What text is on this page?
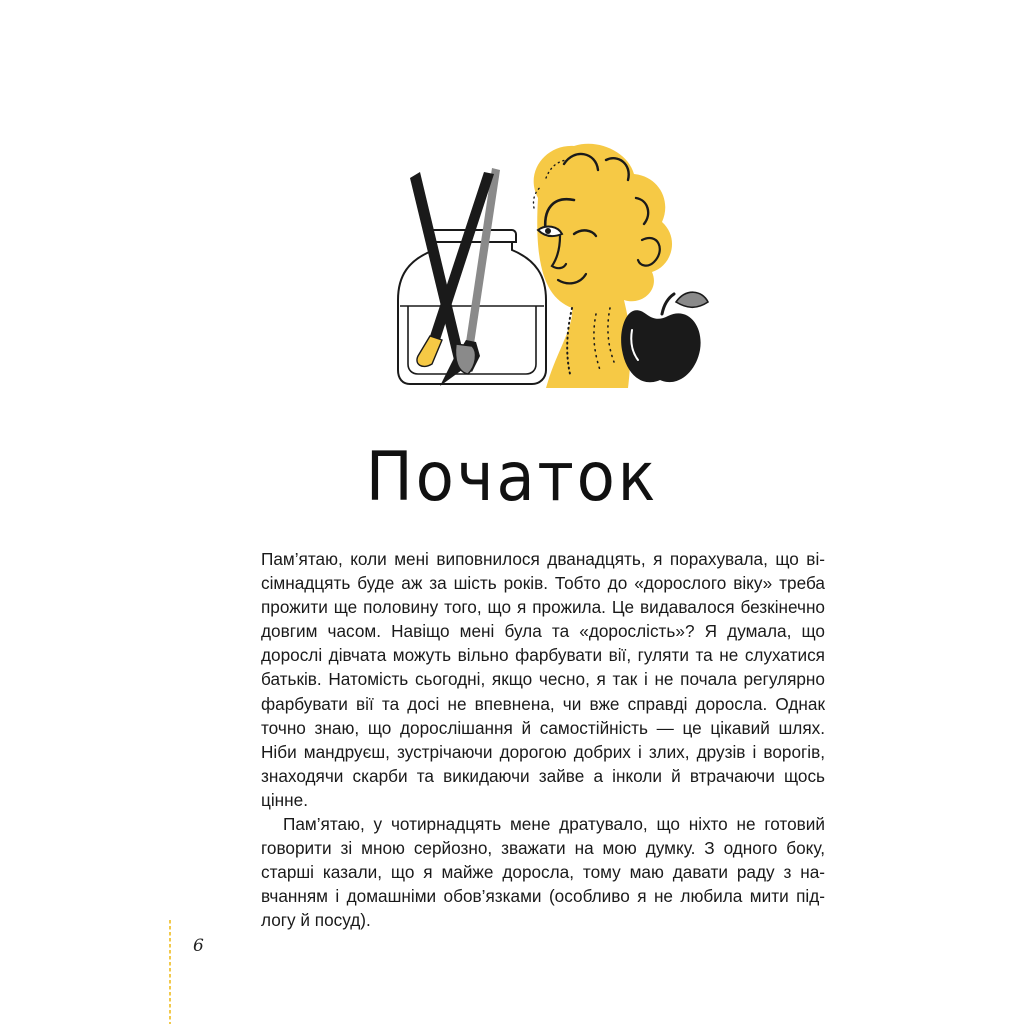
Початок

Пам’ятаю, коли мені виповнилося дванадцять, я порахувала, що вісімнадцять буде аж за шість років. Тобто до «дорослого віку» треба прожити ще половину того, що я прожила. Це видавалося безкінечно довгим часом. Навіщо мені була та «дорослість»? Я думала, що дорослі дівчата можуть вільно фарбувати вії, гуляти та не слухатися батьків. Натомість сьогодні, якщо чесно, я так і не почала регулярно фарбувати вії та досі не впевнена, чи вже справді доросла. Однак точно знаю, що дорослішання й самостійність — це цікавий шлях. Ніби мандруєш, зустрічаючи дорогою добрих і злих, друзів і ворогів, знаходячи скарби та викидаючи зайве а інколи й втрачаючи щось цінне.

Пам’ятаю, у чотирнадцять мене дратувало, що ніхто не готовий говорити зі мною серйозно, зважати на мою думку. З одного боку, старші казали, що я майже доросла, тому маю давати раду з навчанням і домашніми обов’язками (особливо я не любила мити підлогу й посуд).

6
